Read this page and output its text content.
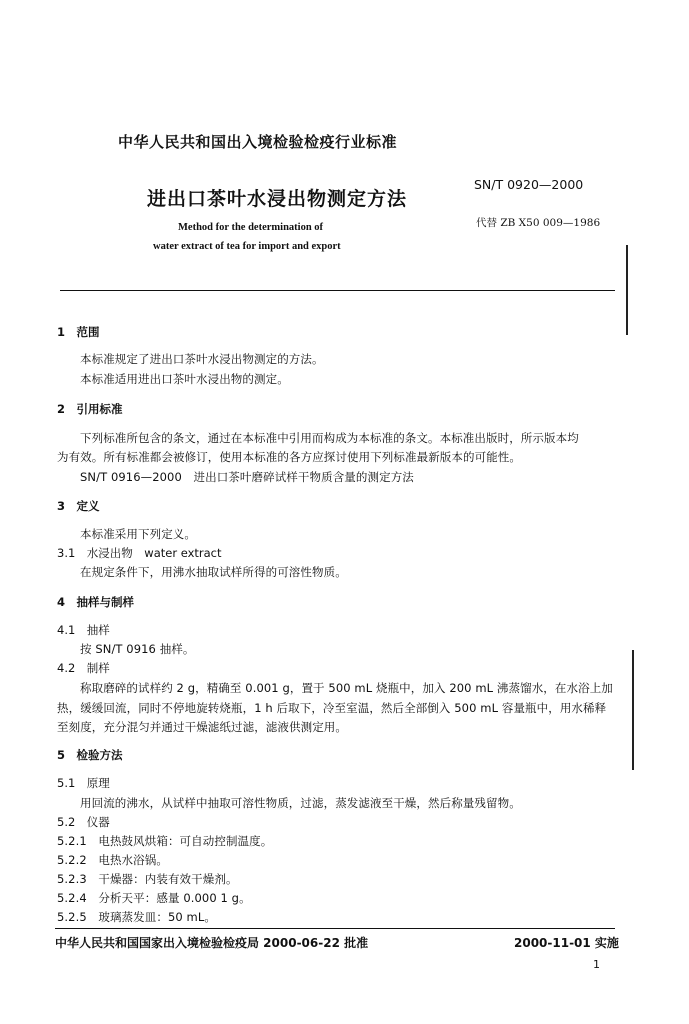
中华人民共和国出入境检验检疫行业标准
进出口茶叶水浸出物测定方法
SN/T 0920—2000
代替 ZB X50 009—1986
Method for the determination of
water extract of tea for import and export
1　范围
本标准规定了进出口茶叶水浸出物测定的方法。
本标准适用进出口茶叶水浸出物的测定。
2　引用标准
下列标准所包含的条文，通过在本标准中引用而构成为本标准的条文。本标准出版时，所示版本均
为有效。所有标准都会被修订，使用本标准的各方应探讨使用下列标准最新版本的可能性。
SN/T 0916—2000　进出口茶叶磨碎试样干物质含量的测定方法
3　定义
本标准采用下列定义。
3.1　水浸出物　water extract
在规定条件下，用沸水抽取试样所得的可溶性物质。
4　抽样与制样
4.1　抽样
按 SN/T 0916 抽样。
4.2　制样
称取磨碎的试样约 2 g，精确至 0.001 g，置于 500 mL 烧瓶中，加入 200 mL 沸蒸馏水，在水浴上加
热，缓缓回流，同时不停地旋转烧瓶，1 h 后取下，冷至室温，然后全部倒入 500 mL 容量瓶中，用水稀释
至刻度，充分混匀并通过干燥滤纸过滤，滤液供测定用。
5　检验方法
5.1　原理
用回流的沸水，从试样中抽取可溶性物质，过滤，蒸发滤液至干燥，然后称量残留物。
5.2　仪器
5.2.1　电热鼓风烘箱：可自动控制温度。
5.2.2　电热水浴锅。
5.2.3　干燥器：内装有效干燥剂。
5.2.4　分析天平：感量 0.000 1 g。
5.2.5　玻璃蒸发皿：50 mL。
中华人民共和国国家出入境检验检疫局 2000-06-22 批准	2000-11-01 实施
1
